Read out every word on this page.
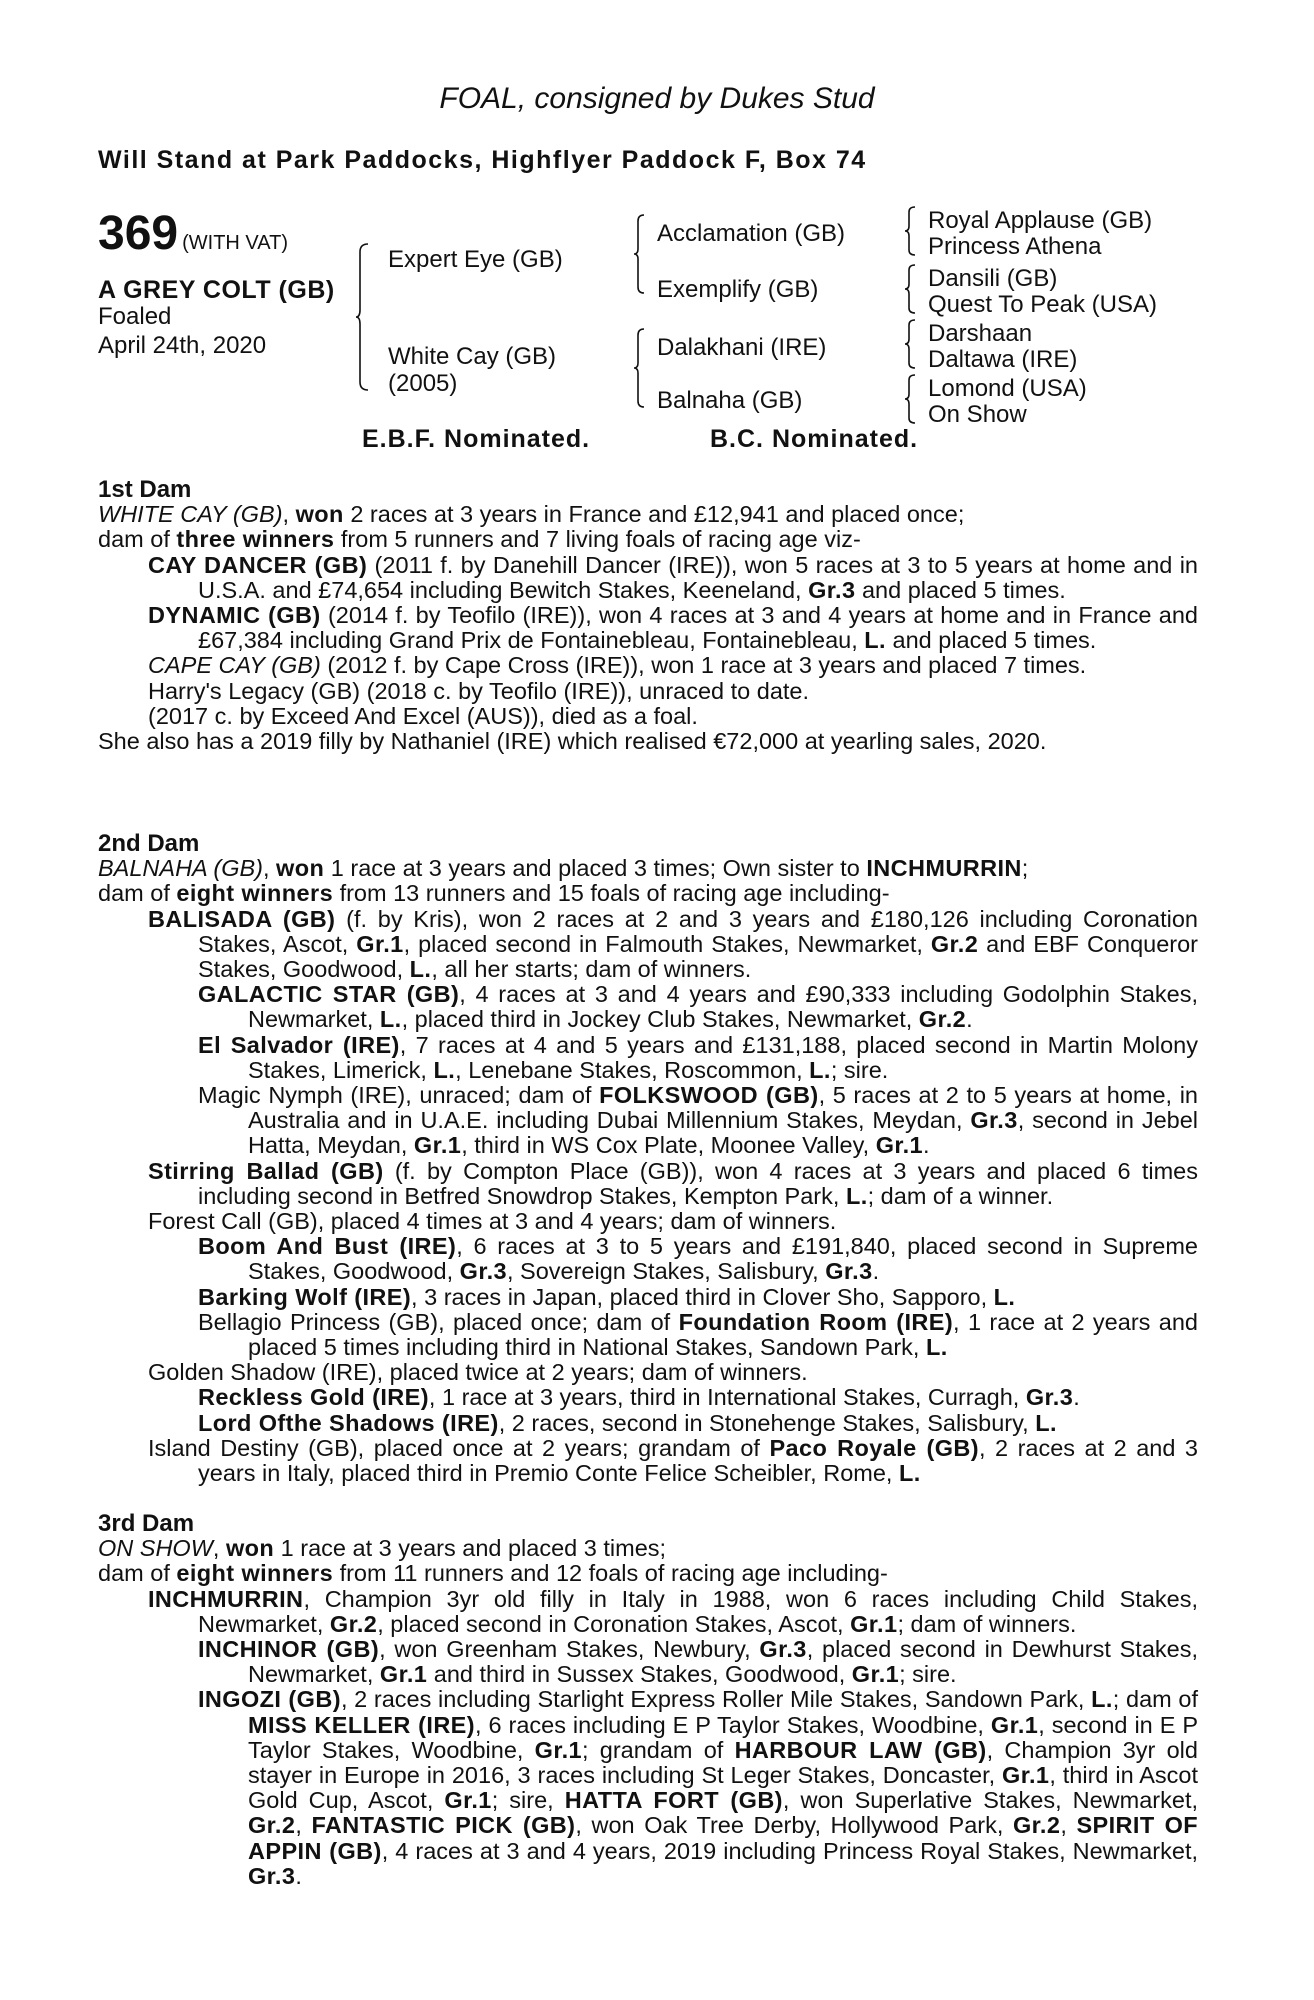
FOAL, consigned by Dukes Stud
Will Stand at Park Paddocks, Highflyer Paddock F, Box 74
369 (WITH VAT)
A GREY COLT (GB)
Foaled
April 24th, 2020
Expert Eye (GB)
White Cay (GB)
(2005)
Acclamation (GB)
Exemplify (GB)
Dalakhani (IRE)
Balnaha (GB)
Royal Applause (GB)
Princess Athena
Dansili (GB)
Quest To Peak (USA)
Darshaan
Daltawa (IRE)
Lomond (USA)
On Show
E.B.F. Nominated.	B.C. Nominated.
1st Dam
WHITE CAY (GB), won 2 races at 3 years in France and £12,941 and placed once;
dam of three winners from 5 runners and 7 living foals of racing age viz-
CAY DANCER (GB) (2011 f. by Danehill Dancer (IRE)), won 5 races at 3 to 5 years at home and in U.S.A. and £74,654 including Bewitch Stakes, Keeneland, Gr.3 and placed 5 times.
DYNAMIC (GB) (2014 f. by Teofilo (IRE)), won 4 races at 3 and 4 years at home and in France and £67,384 including Grand Prix de Fontainebleau, Fontainebleau, L. and placed 5 times.
CAPE CAY (GB) (2012 f. by Cape Cross (IRE)), won 1 race at 3 years and placed 7 times.
Harry's Legacy (GB) (2018 c. by Teofilo (IRE)), unraced to date.
(2017 c. by Exceed And Excel (AUS)), died as a foal.
She also has a 2019 filly by Nathaniel (IRE) which realised €72,000 at yearling sales, 2020.
2nd Dam
BALNAHA (GB), won 1 race at 3 years and placed 3 times; Own sister to INCHMURRIN;
dam of eight winners from 13 runners and 15 foals of racing age including-
BALISADA (GB) (f. by Kris), won 2 races at 2 and 3 years and £180,126 including Coronation Stakes, Ascot, Gr.1, placed second in Falmouth Stakes, Newmarket, Gr.2 and EBF Conqueror Stakes, Goodwood, L., all her starts; dam of winners.
GALACTIC STAR (GB), 4 races at 3 and 4 years and £90,333 including Godolphin Stakes, Newmarket, L., placed third in Jockey Club Stakes, Newmarket, Gr.2.
El Salvador (IRE), 7 races at 4 and 5 years and £131,188, placed second in Martin Molony Stakes, Limerick, L., Lenebane Stakes, Roscommon, L.; sire.
Magic Nymph (IRE), unraced; dam of FOLKSWOOD (GB), 5 races at 2 to 5 years at home, in Australia and in U.A.E. including Dubai Millennium Stakes, Meydan, Gr.3, second in Jebel Hatta, Meydan, Gr.1, third in WS Cox Plate, Moonee Valley, Gr.1.
Stirring Ballad (GB) (f. by Compton Place (GB)), won 4 races at 3 years and placed 6 times including second in Betfred Snowdrop Stakes, Kempton Park, L.; dam of a winner.
Forest Call (GB), placed 4 times at 3 and 4 years; dam of winners.
Boom And Bust (IRE), 6 races at 3 to 5 years and £191,840, placed second in Supreme Stakes, Goodwood, Gr.3, Sovereign Stakes, Salisbury, Gr.3.
Barking Wolf (IRE), 3 races in Japan, placed third in Clover Sho, Sapporo, L.
Bellagio Princess (GB), placed once; dam of Foundation Room (IRE), 1 race at 2 years and placed 5 times including third in National Stakes, Sandown Park, L.
Golden Shadow (IRE), placed twice at 2 years; dam of winners.
Reckless Gold (IRE), 1 race at 3 years, third in International Stakes, Curragh, Gr.3.
Lord Ofthe Shadows (IRE), 2 races, second in Stonehenge Stakes, Salisbury, L.
Island Destiny (GB), placed once at 2 years; grandam of Paco Royale (GB), 2 races at 2 and 3 years in Italy, placed third in Premio Conte Felice Scheibler, Rome, L.
3rd Dam
ON SHOW, won 1 race at 3 years and placed 3 times;
dam of eight winners from 11 runners and 12 foals of racing age including-
INCHMURRIN, Champion 3yr old filly in Italy in 1988, won 6 races including Child Stakes, Newmarket, Gr.2, placed second in Coronation Stakes, Ascot, Gr.1; dam of winners.
INCHINOR (GB), won Greenham Stakes, Newbury, Gr.3, placed second in Dewhurst Stakes, Newmarket, Gr.1 and third in Sussex Stakes, Goodwood, Gr.1; sire.
INGOZI (GB), 2 races including Starlight Express Roller Mile Stakes, Sandown Park, L.; dam of MISS KELLER (IRE), 6 races including E P Taylor Stakes, Woodbine, Gr.1, second in E P Taylor Stakes, Woodbine, Gr.1; grandam of HARBOUR LAW (GB), Champion 3yr old stayer in Europe in 2016, 3 races including St Leger Stakes, Doncaster, Gr.1, third in Ascot Gold Cup, Ascot, Gr.1; sire, HATTA FORT (GB), won Superlative Stakes, Newmarket, Gr.2, FANTASTIC PICK (GB), won Oak Tree Derby, Hollywood Park, Gr.2, SPIRIT OF APPIN (GB), 4 races at 3 and 4 years, 2019 including Princess Royal Stakes, Newmarket, Gr.3.
